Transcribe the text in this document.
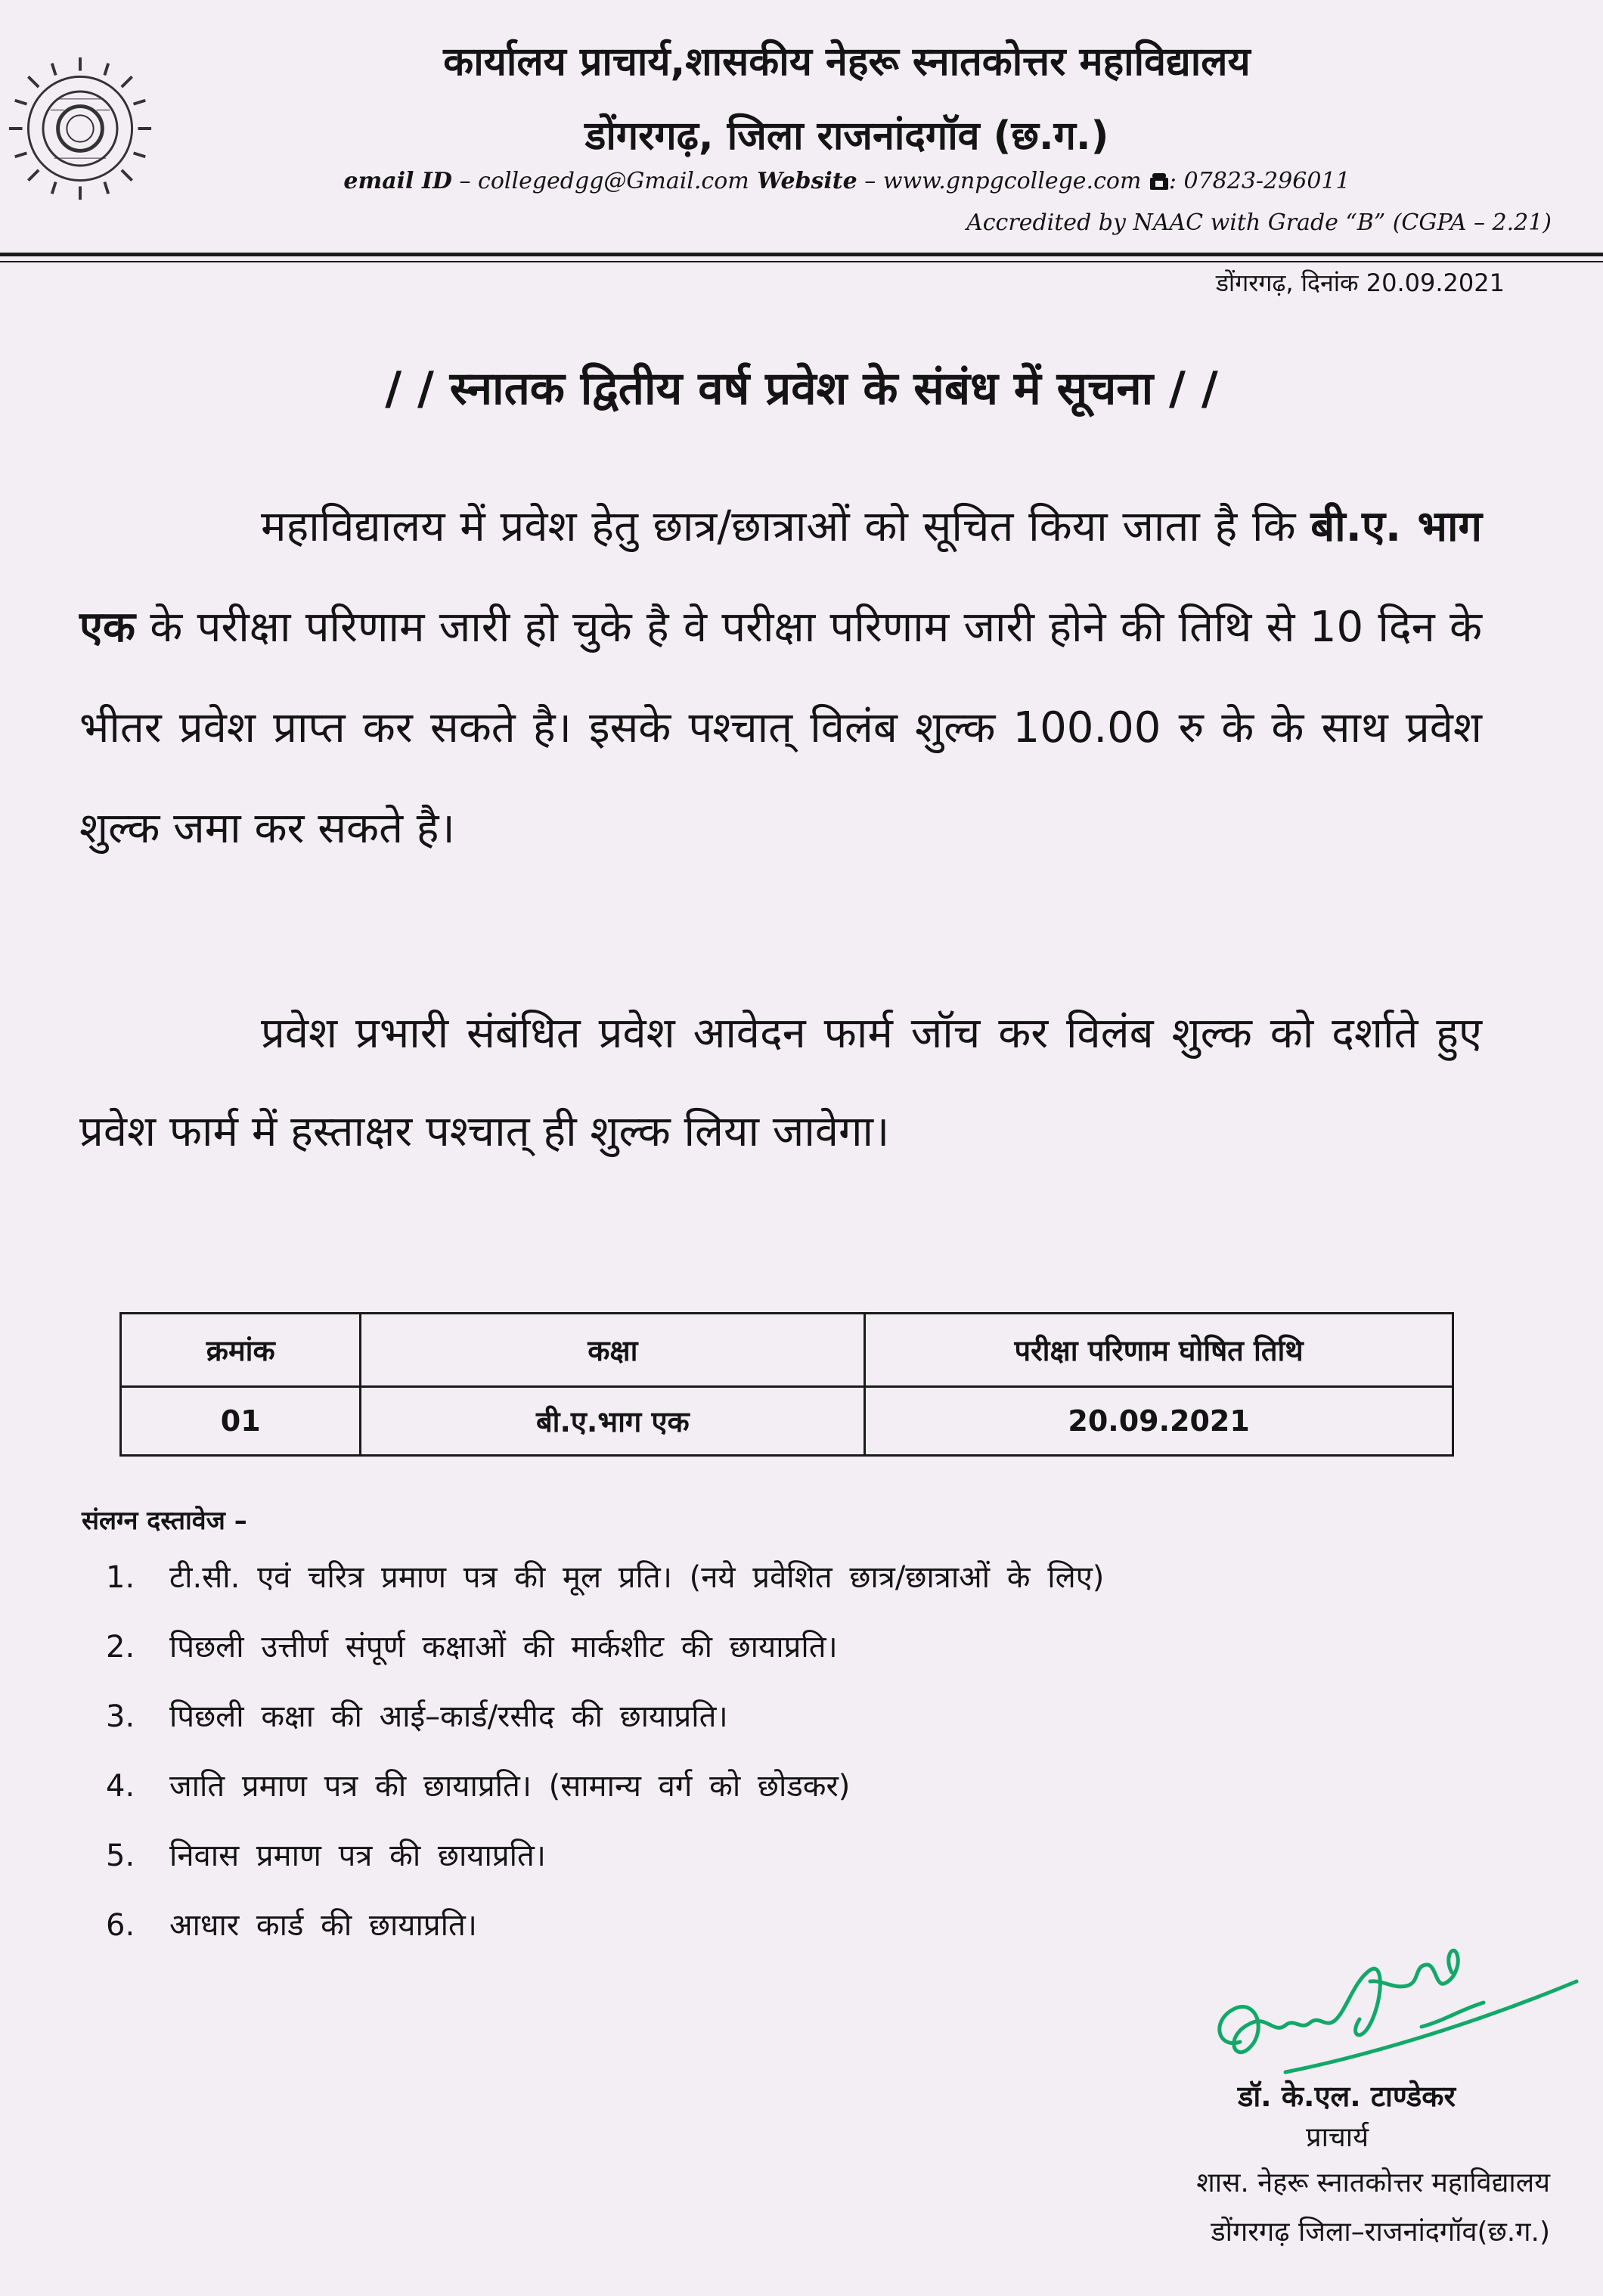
कार्यालय प्राचार्य,शासकीय नेहरू स्नातकोत्तर महाविद्यालय
डोंगरगढ़, जिला राजनांदगॉव (छ.ग.)
email ID – collegedgg@Gmail.com Website – www.gnpgcollege.com : 07823-296011
Accredited by NAAC with Grade “B” (CGPA – 2.21)
डोंगरगढ़, दिनांक 20.09.2021
/ / स्नातक द्वितीय वर्ष प्रवेश के संबंध में सूचना / /
महाविद्यालय में प्रवेश हेतु छात्र/छात्राओं को सूचित किया जाता है कि बी.ए. भाग एक के परीक्षा परिणाम जारी हो चुके है वे परीक्षा परिणाम जारी होने की तिथि से 10 दिन के भीतर प्रवेश प्राप्त कर सकते है। इसके पश्चात् विलंब शुल्क 100.00 रु के के साथ प्रवेश शुल्क जमा कर सकते है।
प्रवेश प्रभारी संबंधित प्रवेश आवेदन फार्म जॉच कर विलंब शुल्क को दर्शाते हुए प्रवेश फार्म में हस्ताक्षर पश्चात् ही शुल्क लिया जावेगा।
क्रमांक	कक्षा	परीक्षा परिणाम घोषित तिथि
01	बी.ए.भाग एक	20.09.2021
संलग्न दस्तावेज –
1. टी.सी. एवं चरित्र प्रमाण पत्र की मूल प्रति। (नये प्रवेशित छात्र/छात्राओं के लिए)
2. पिछली उत्तीर्ण संपूर्ण कक्षाओं की मार्कशीट की छायाप्रति।
3. पिछली कक्षा की आई–कार्ड/रसीद की छायाप्रति।
4. जाति प्रमाण पत्र की छायाप्रति। (सामान्य वर्ग को छोडकर)
5. निवास प्रमाण पत्र की छायाप्रति।
6. आधार कार्ड की छायाप्रति।
डॉ. के.एल. टाण्डेकर
प्राचार्य
शास. नेहरू स्नातकोत्तर महाविद्यालय
डोंगरगढ़ जिला–राजनांदगॉव(छ.ग.)
